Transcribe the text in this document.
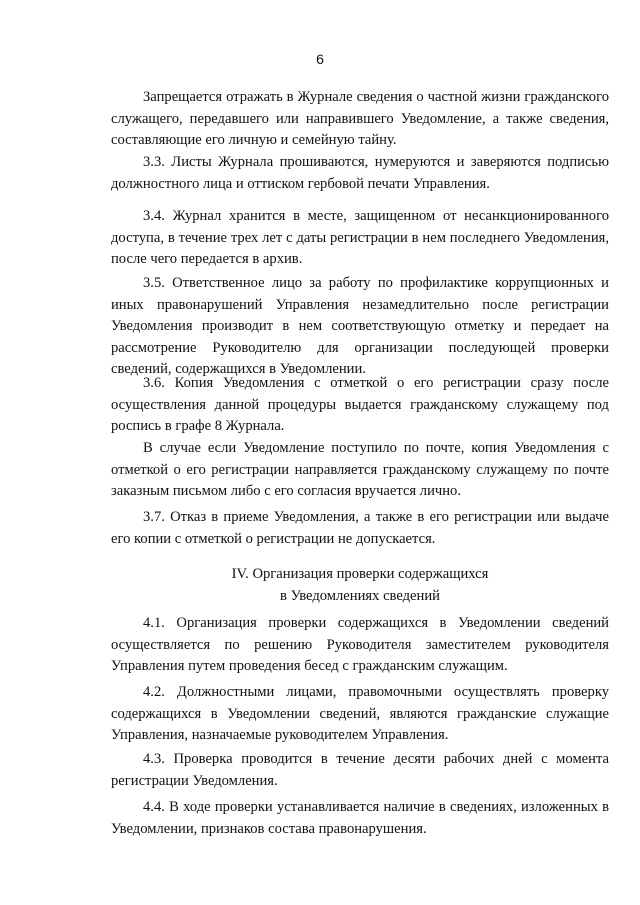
6

Запрещается отражать в Журнале сведения о частной жизни гражданского служащего, передавшего или направившего Уведомление, а также сведения, составляющие его личную и семейную тайну.

3.3. Листы Журнала прошиваются, нумеруются и заверяются подписью должностного лица и оттиском гербовой печати Управления.

3.4. Журнал хранится в месте, защищенном от несанкционированного доступа, в течение трех лет с даты регистрации в нем последнего Уведомления, после чего передается в архив.

3.5. Ответственное лицо за работу по профилактике коррупционных и иных правонарушений Управления незамедлительно после регистрации Уведомления производит в нем соответствующую отметку и передает на рассмотрение Руководителю для организации последующей проверки сведений, содержащихся в Уведомлении.

3.6. Копия Уведомления с отметкой о его регистрации сразу после осуществления данной процедуры выдается гражданскому служащему под роспись в графе 8 Журнала.

В случае если Уведомление поступило по почте, копия Уведомления с отметкой о его регистрации направляется гражданскому служащему по почте заказным письмом либо с его согласия вручается лично.

3.7. Отказ в приеме Уведомления, а также в его регистрации или выдаче его копии с отметкой о регистрации не допускается.

IV. Организация проверки содержащихся
в Уведомлениях сведений

4.1. Организация проверки содержащихся в Уведомлении сведений осуществляется по решению Руководителя заместителем руководителя Управления путем проведения бесед с гражданским служащим.

4.2. Должностными лицами, правомочными осуществлять проверку содержащихся в Уведомлении сведений, являются гражданские служащие Управления, назначаемые руководителем Управления.

4.3. Проверка проводится в течение десяти рабочих дней с момента регистрации Уведомления.

4.4. В ходе проверки устанавливается наличие в сведениях, изложенных в Уведомлении, признаков состава правонарушения.
